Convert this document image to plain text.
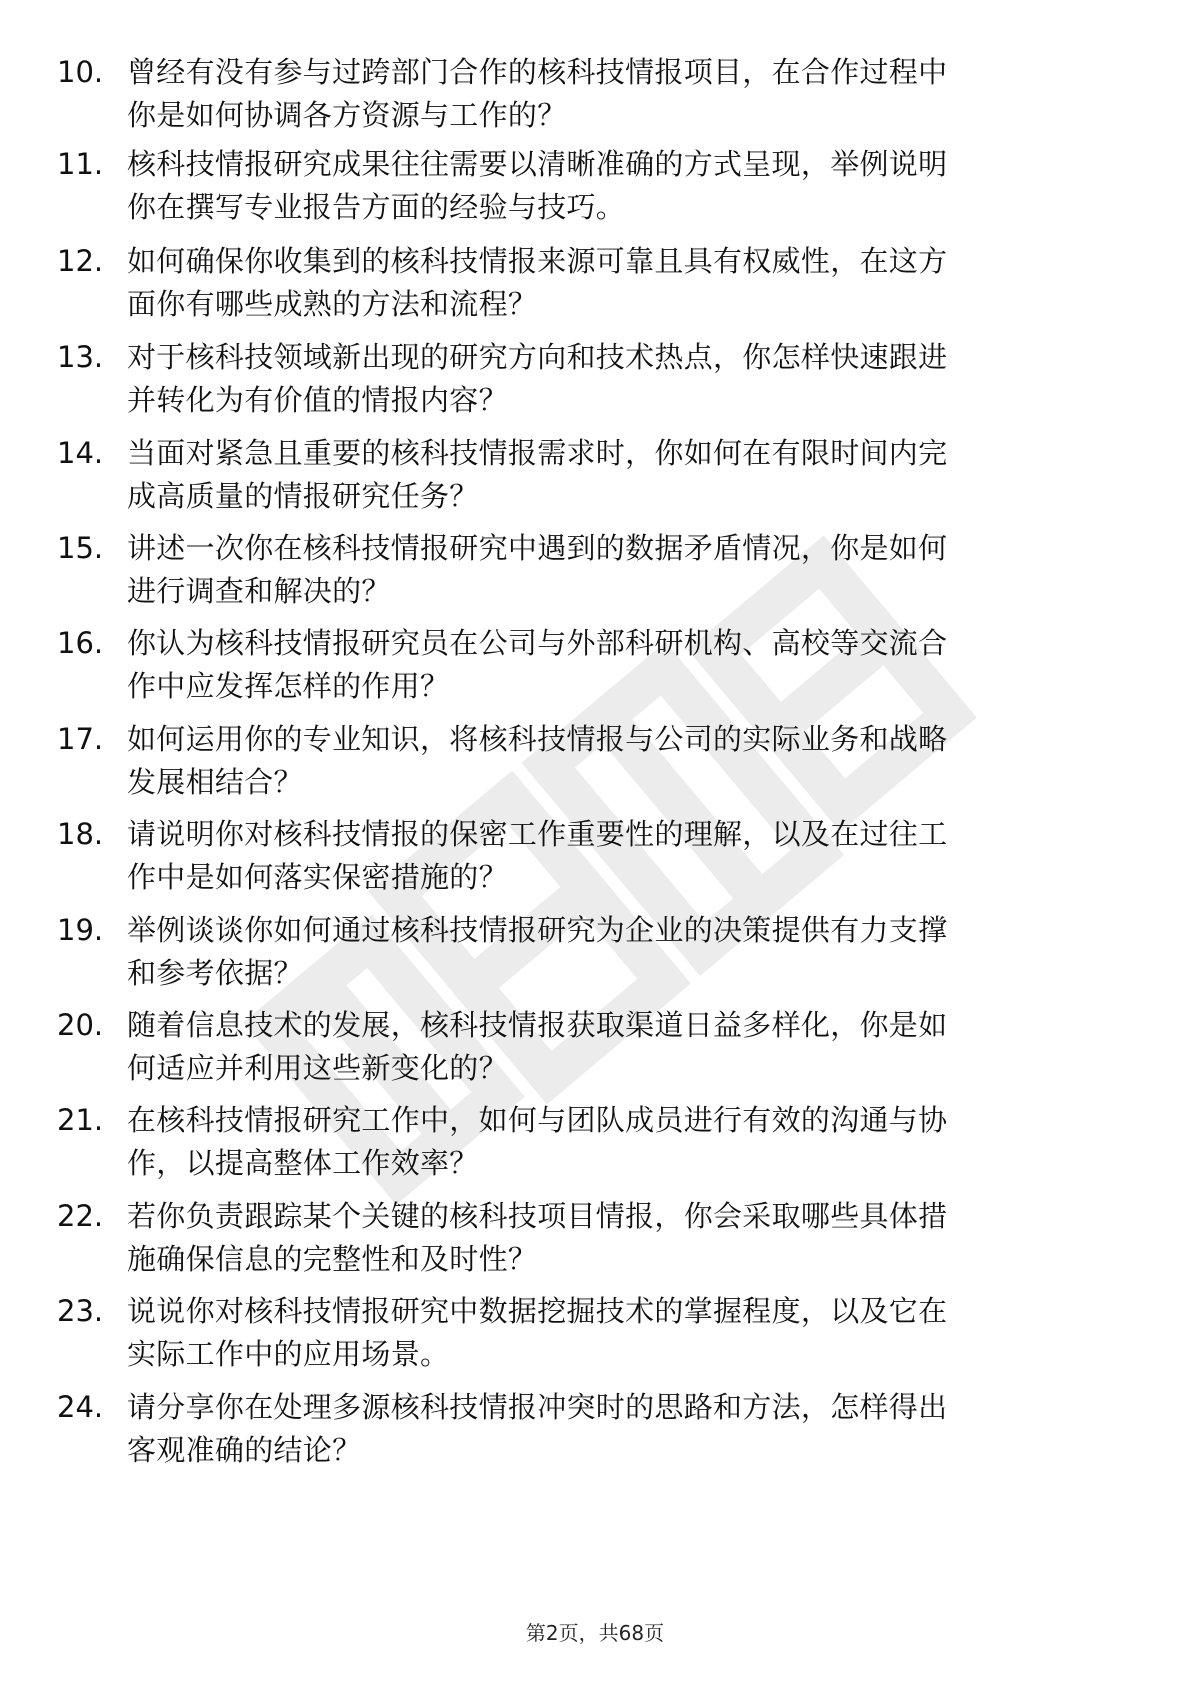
10. 曾经有没有参与过跨部门合作的核科技情报项目，在合作过程中
你是如何协调各方资源与工作的？
11. 核科技情报研究成果往往需要以清晰准确的方式呈现，举例说明
你在撰写专业报告方面的经验与技巧。
12. 如何确保你收集到的核科技情报来源可靠且具有权威性，在这方
面你有哪些成熟的方法和流程？
13. 对于核科技领域新出现的研究方向和技术热点，你怎样快速跟进
并转化为有价值的情报内容？
14. 当面对紧急且重要的核科技情报需求时，你如何在有限时间内完
成高质量的情报研究任务？
15. 讲述一次你在核科技情报研究中遇到的数据矛盾情况，你是如何
进行调查和解决的？
16. 你认为核科技情报研究员在公司与外部科研机构、高校等交流合
作中应发挥怎样的作用？
17. 如何运用你的专业知识，将核科技情报与公司的实际业务和战略
发展相结合？
18. 请说明你对核科技情报的保密工作重要性的理解，以及在过往工
作中是如何落实保密措施的？
19. 举例谈谈你如何通过核科技情报研究为企业的决策提供有力支撑
和参考依据？
20. 随着信息技术的发展，核科技情报获取渠道日益多样化，你是如
何适应并利用这些新变化的？
21. 在核科技情报研究工作中，如何与团队成员进行有效的沟通与协
作，以提高整体工作效率？
22. 若你负责跟踪某个关键的核科技项目情报，你会采取哪些具体措
施确保信息的完整性和及时性？
23. 说说你对核科技情报研究中数据挖掘技术的掌握程度，以及它在
实际工作中的应用场景。
24. 请分享你在处理多源核科技情报冲突时的思路和方法，怎样得出
客观准确的结论？
第2页，共68页
